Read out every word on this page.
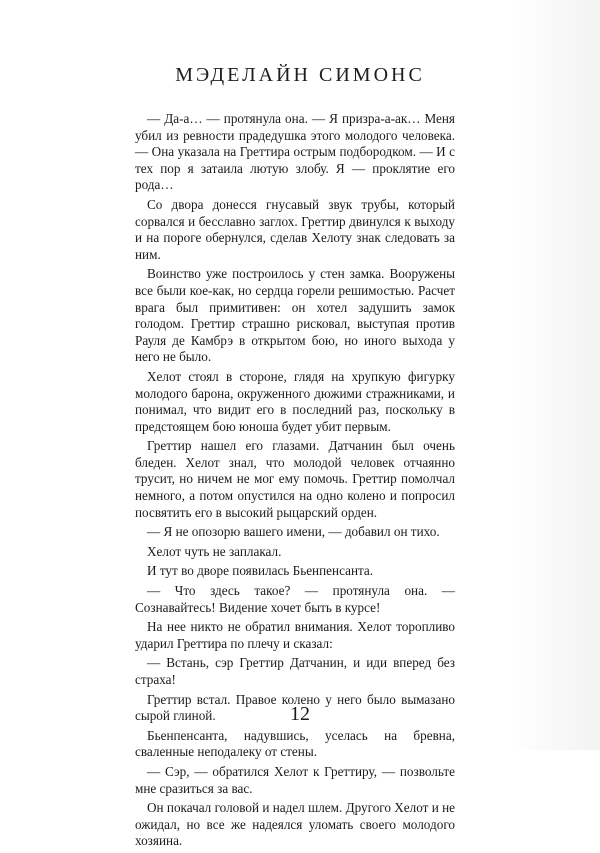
МЭДЕЛАЙН СИМОНС

— Да-а… — протянула она. — Я призра-а-ак… Меня убил из ревности прадедушка этого молодого человека. — Она указала на Греттира острым подбородком. — И с тех пор я затаила лютую злобу. Я — проклятие его рода…

Со двора донесся гнусавый звук трубы, который сорвался и бесславно заглох. Греттир двинулся к выходу и на пороге обернулся, сделав Хелоту знак следовать за ним.

Воинство уже построилось у стен замка. Вооружены все были кое-как, но сердца горели решимостью. Расчет врага был примитивен: он хотел задушить замок голодом. Греттир страшно рисковал, выступая против Рауля де Камбрэ в открытом бою, но иного выхода у него не было.

Хелот стоял в стороне, глядя на хрупкую фигурку молодого барона, окруженного дюжими стражниками, и понимал, что видит его в последний раз, поскольку в предстоящем бою юноша будет убит первым.

Греттир нашел его глазами. Датчанин был очень бледен. Хелот знал, что молодой человек отчаянно трусит, но ничем не мог ему помочь. Греттир помолчал немного, а потом опустился на одно колено и попросил посвятить его в высокий рыцарский орден.

— Я не опозорю вашего имени, — добавил он тихо.

Хелот чуть не заплакал.

И тут во дворе появилась Бьенпенсанта.

— Что здесь такое? — протянула она. — Сознавайтесь! Видение хочет быть в курсе!

На нее никто не обратил внимания. Хелот торопливо ударил Греттира по плечу и сказал:

— Встань, сэр Греттир Датчанин, и иди вперед без страха!

Греттир встал. Правое колено у него было вымазано сырой глиной.

Бьенпенсанта, надувшись, уселась на бревна, сваленные неподалеку от стены.

— Сэр, — обратился Хелот к Греттиру, — позвольте мне сразиться за вас.

Он покачал головой и надел шлем. Другого Хелот и не ожидал, но все же надеялся уломать своего молодого хозяина.

12
